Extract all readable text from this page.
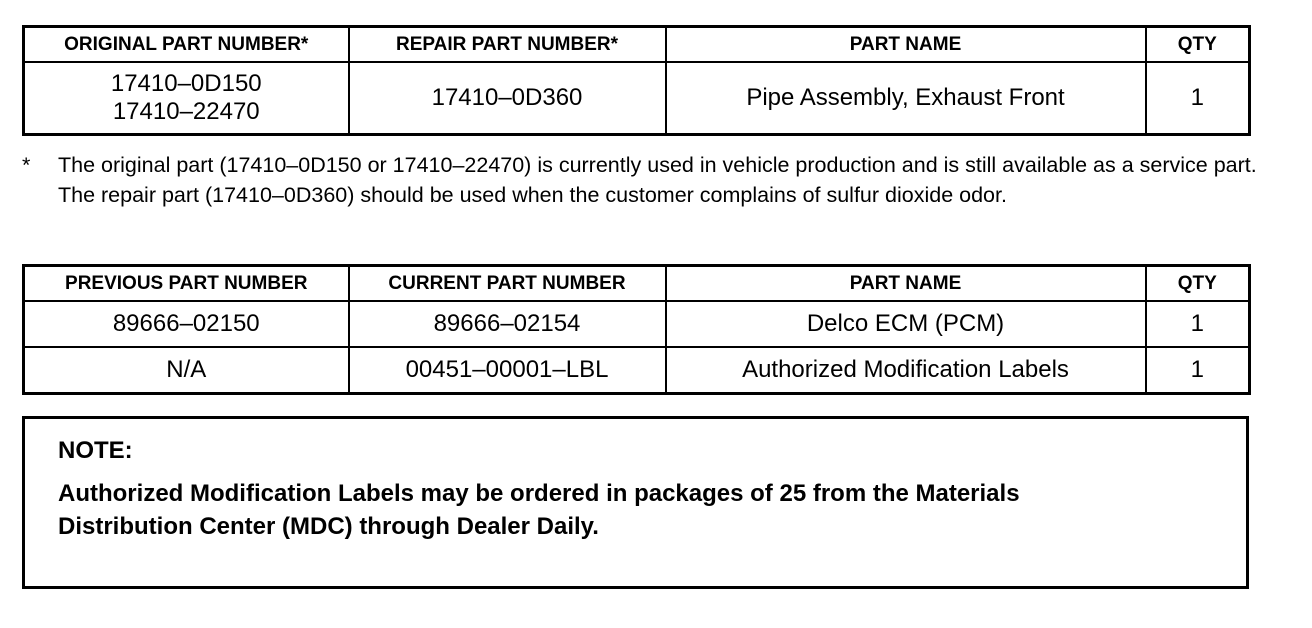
ORIGINAL PART NUMBER*	REPAIR PART NUMBER*	PART NAME	QTY

17410–0D150
17410–22470	17410–0D360	Pipe Assembly, Exhaust Front	1
* The original part (17410–0D150 or 17410–22470) is currently used in vehicle production and is still available as a service part. The repair part (17410–0D360) should be used when the customer complains of sulfur dioxide odor.
PREVIOUS PART NUMBER	CURRENT PART NUMBER	PART NAME	QTY
89666–02150	89666–02154	Delco ECM (PCM)	1
N/A	00451–00001–LBL	Authorized Modification Labels	1
NOTE:
Authorized Modification Labels may be ordered in packages of 25 from the Materials Distribution Center (MDC) through Dealer Daily.
